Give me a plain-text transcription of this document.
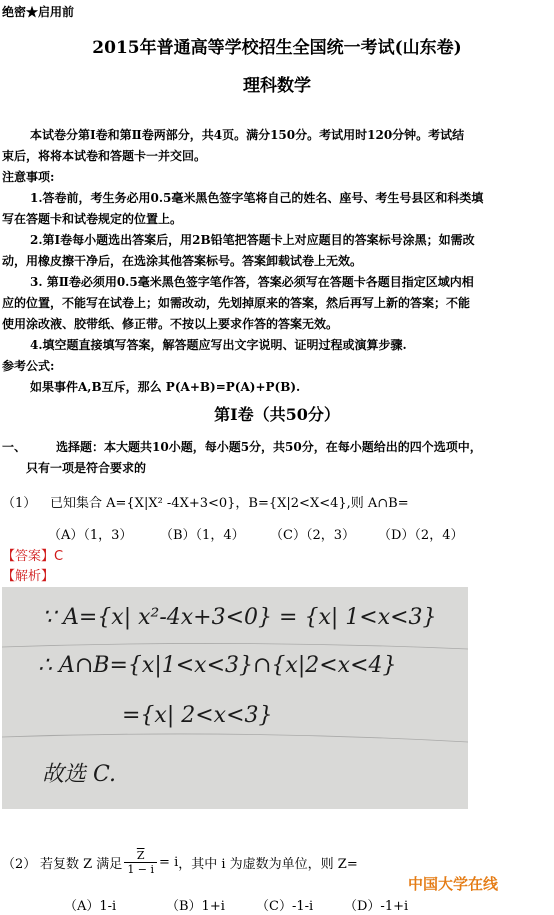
绝密★启用前
2015年普通高等学校招生全国统一考试(山东卷)
理科数学
本试卷分第Ⅰ卷和第Ⅱ卷两部分，共4页。满分150分。考试用时120分钟。考试结
束后，将将本试卷和答题卡一并交回。
注意事项:
1.答卷前，考生务必用0.5毫米黑色签字笔将自己的姓名、座号、考生号县区和科类填
写在答题卡和试卷规定的位置上。
2.第Ⅰ卷每小题选出答案后，用2B铅笔把答题卡上对应题目的答案标号涂黑；如需改
动，用橡皮擦干净后，在选涂其他答案标号。答案卸载试卷上无效。
3. 第Ⅱ卷必须用0.5毫米黑色签字笔作答，答案必须写在答题卡各题目指定区域内相
应的位置，不能写在试卷上；如需改动，先划掉原来的答案，然后再写上新的答案；不能
使用涂改液、胶带纸、修正带。不按以上要求作答的答案无效。
4.填空题直接填写答案，解答题应写出文字说明、证明过程或演算步骤.
参考公式:
如果事件A,B互斥，那么 P(A+B)=P(A)+P(B).
第Ⅰ卷（共50分）
一、 选择题：本大题共10小题，每小题5分，共50分，在每小题给出的四个选项中，
只有一项是符合要求的
（1） 已知集合 A={X|X² -4X+3<0}，B={X|2<X<4},则 A∩B=
（A）（1，3） （B）（1，4） （C）（2，3） （D）（2，4）
【答案】C
【解析】
∵ A={x| x²-4x+3<0} = {x| 1<x<3}
∴ A∩B={x|1<x<3}∩{x|2<x<4}
={x| 2<x<3}
故选 C.
（2） 若复数 Z 满足 $\frac{\overline{Z}}{1 - i} = i$ ，其中 i 为虚数为单位，则 Z=
中国大学在线
（A）1-i	（B）1+i （C）-1-i （D）-1+i
